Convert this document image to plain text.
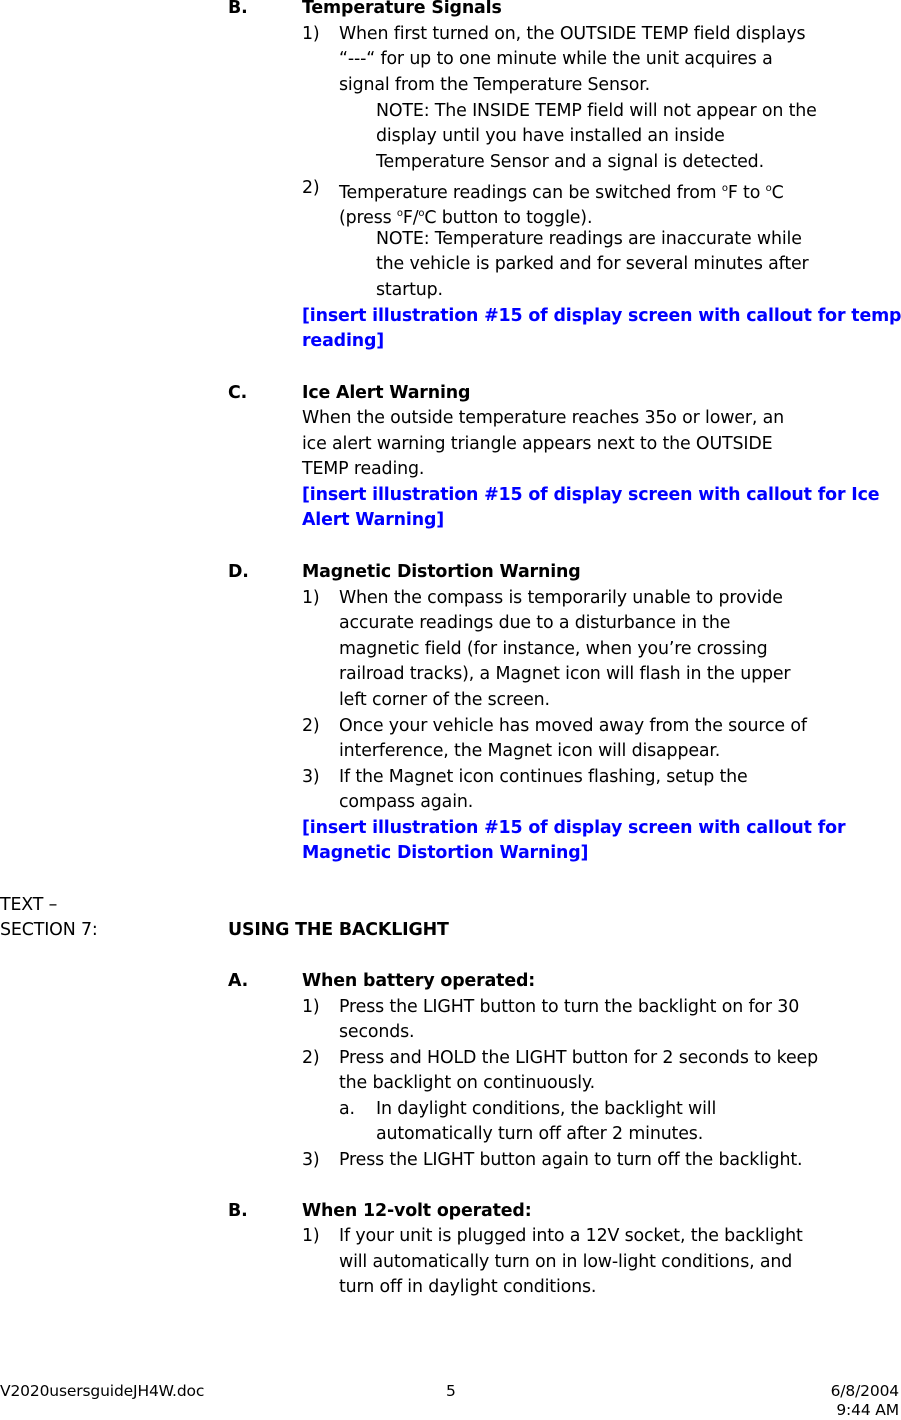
B.	Temperature Signals
1) When first turned on, the OUTSIDE TEMP field displays
“---“ for up to one minute while the unit acquires a
signal from the Temperature Sensor.
NOTE: The INSIDE TEMP field will not appear on the
display until you have installed an inside
Temperature Sensor and a signal is detected.
2) Temperature readings can be switched from $^o$F to $^o$C
(press $^o$F/$^o$C button to toggle).
NOTE: Temperature readings are inaccurate while
the vehicle is parked and for several minutes after
startup.
[insert illustration #15 of display screen with callout for temp
reading]
C.	Ice Alert Warning
When the outside temperature reaches 35o or lower, an
ice alert warning triangle appears next to the OUTSIDE
TEMP reading.
[insert illustration #15 of display screen with callout for Ice
Alert Warning]
D.	Magnetic Distortion Warning
1) When the compass is temporarily unable to provide
accurate readings due to a disturbance in the
magnetic field (for instance, when you’re crossing
railroad tracks), a Magnet icon will flash in the upper
left corner of the screen.
2) Once your vehicle has moved away from the source of
interference, the Magnet icon will disappear.
3) If the Magnet icon continues flashing, setup the
compass again.
[insert illustration #15 of display screen with callout for
Magnetic Distortion Warning]
TEXT –
SECTION 7:	USING THE BACKLIGHT
A.	When battery operated:
1) Press the LIGHT button to turn the backlight on for 30
seconds.
2) Press and HOLD the LIGHT button for 2 seconds to keep
the backlight on continuously.
a. In daylight conditions, the backlight will
automatically turn off after 2 minutes.
3) Press the LIGHT button again to turn off the backlight.
B.	When 12-volt operated:
1) If your unit is plugged into a 12V socket, the backlight
will automatically turn on in low-light conditions, and
turn off in daylight conditions.
V2020usersguideJH4W.doc	5	6/8/2004
9:44 AM
